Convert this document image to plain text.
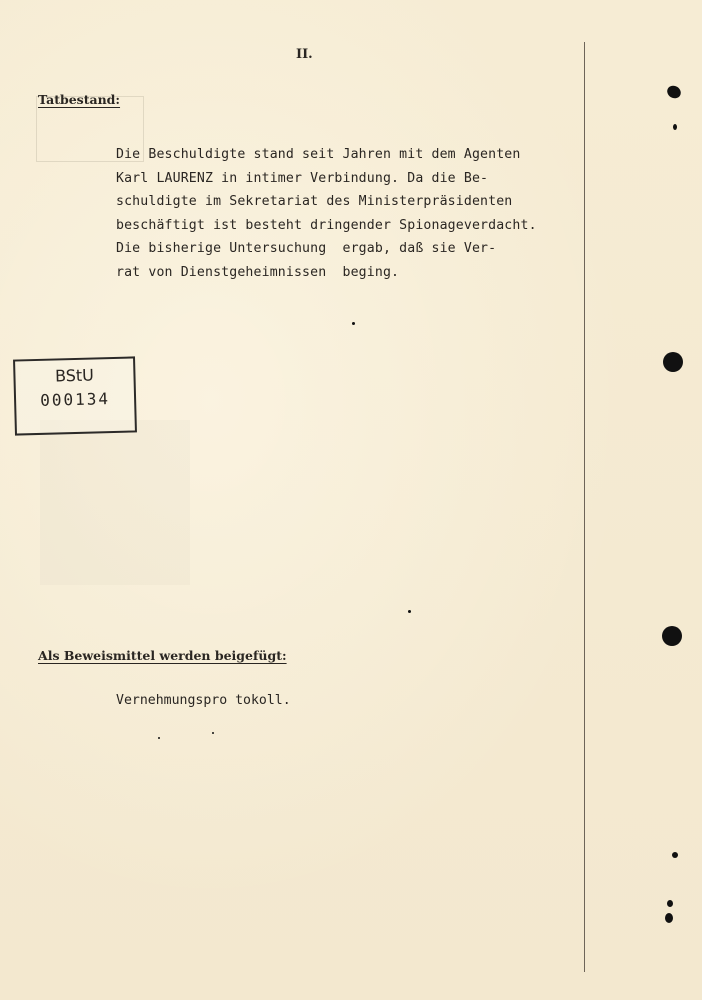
II.
Tatbestand:
Die Beschuldigte stand seit Jahren mit dem Agenten
Karl LAURENZ in intimer Verbindung. Da die Be-
schuldigte im Sekretariat des Ministerpräsidenten
beschäftigt ist besteht dringender Spionageverdacht.
Die bisherige Untersuchung  ergab, daß sie Ver-
rat von Dienstgeheimnissen  beging.
BStU
000134
Als Beweismittel werden beigefügt:
Vernehmungspro tokoll.
